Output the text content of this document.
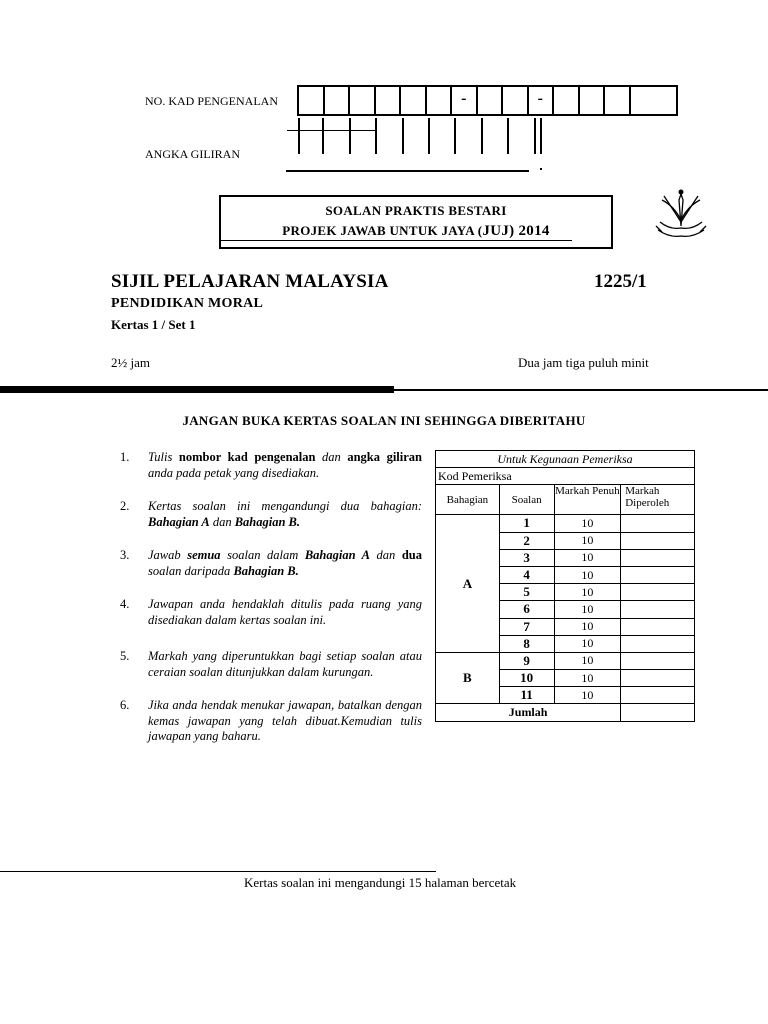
NO. KAD PENGENALAN	-	-
ANGKA GILIRAN
SOALAN PRAKTIS BESTARI
PROJEK JAWAB UNTUK JAYA (JUJ) 2014
SIJIL PELAJARAN MALAYSIA	1225/1
PENDIDIKAN MORAL
Kertas 1 / Set 1
2½ jam	Dua jam tiga puluh minit
JANGAN BUKA KERTAS SOALAN INI SEHINGGA DIBERITAHU
1. Tulis nombor kad pengenalan dan angka giliran anda pada petak yang disediakan.
2. Kertas soalan ini mengandungi dua bahagian: Bahagian A dan Bahagian B.
3. Jawab semua soalan dalam Bahagian A dan dua soalan daripada Bahagian B.
4. Jawapan anda hendaklah ditulis pada ruang yang disediakan dalam kertas soalan ini.
5. Markah yang diperuntukkan bagi setiap soalan atau ceraian soalan ditunjukkan dalam kurungan.
6. Jika anda hendak menukar jawapan, batalkan dengan kemas jawapan yang telah dibuat.Kemudian tulis jawapan yang baharu.
Untuk Kegunaan Pemeriksa			
Kod Pemeriksa			
Bahagian	Soalan	Markah Penuh	Markah Diperoleh
A	1	10	
	2	10	
	3	10	
	4	10	
	5	10	
	6	10	
	7	10	
	8	10	
B	9	10	
	10	10	
	11	10	
Jumlah			
Kertas soalan ini mengandungi 15 halaman bercetak
